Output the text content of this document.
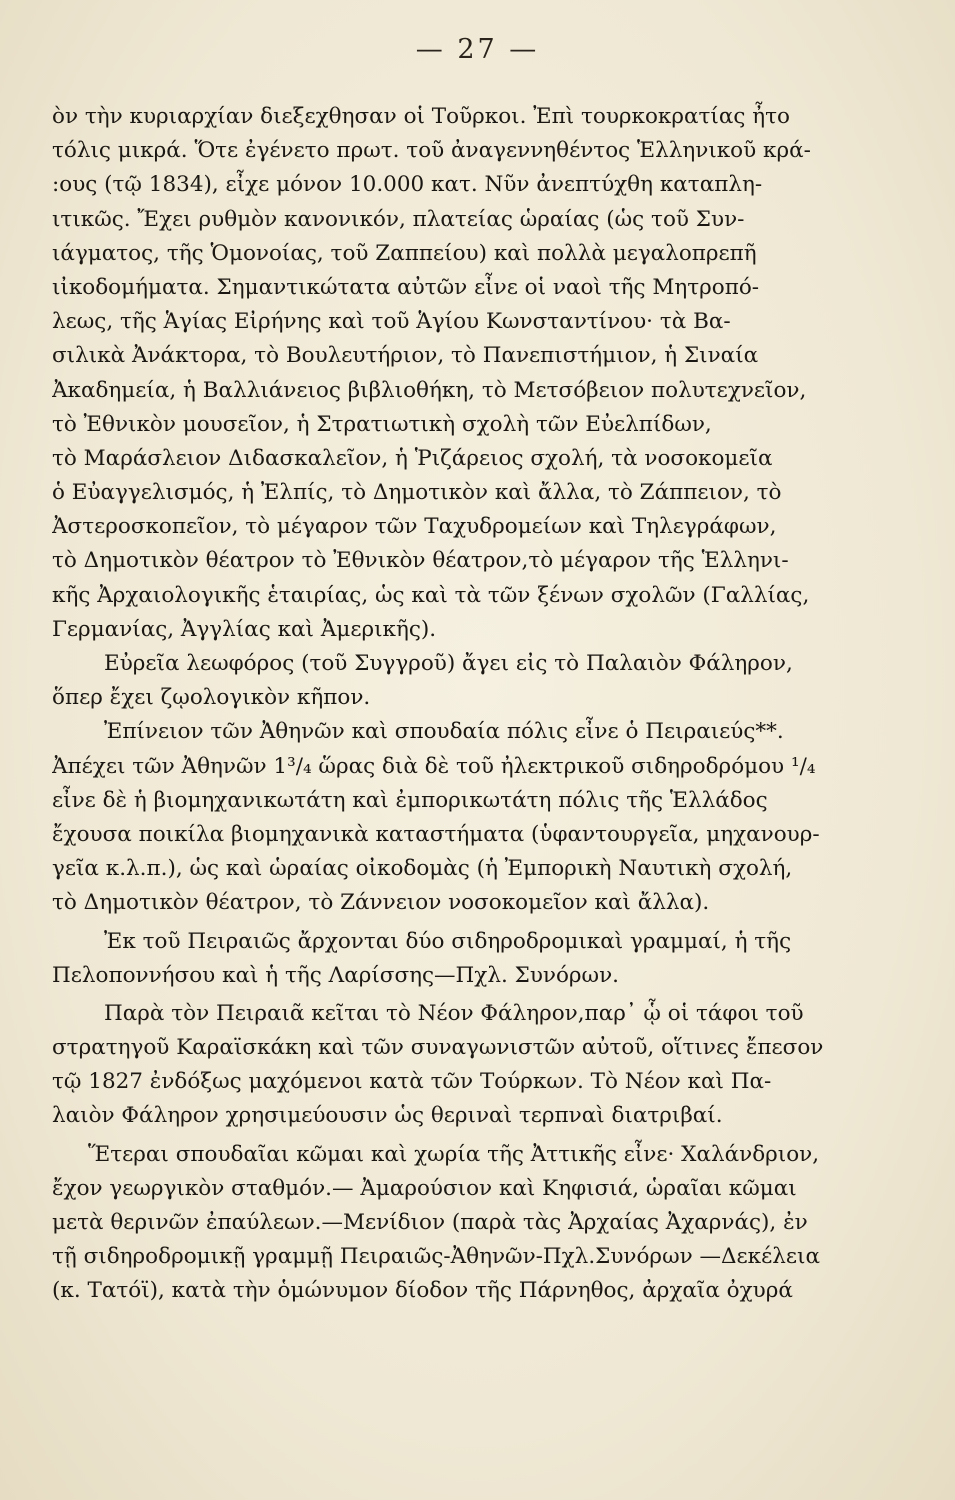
— 27 —
ὸν τὴν κυριαρχίαν διεξεχθησαν οἱ Τοῦρκοι. Ἐπὶ τουρκοκρατίας ἦτο
τόλις μικρά. Ὅτε ἐγένετο πρωτ. τοῦ ἀναγεννηθέντος Ἑλληνικοῦ κρά-
:ους (τῷ 1834), εἶχε μόνον 10.000 κατ. Νῦν ἀνεπτύχθη καταπλη-
ιτικῶς. Ἔχει ρυθμὸν κανονικόν, πλατείας ὡραίας (ὡς τοῦ Συν-
ιάγματος, τῆς Ὁμονοίας, τοῦ Ζαππείου) καὶ πολλὰ μεγαλοπρεπῆ
ιἰκοδομήματα. Σημαντικώτατα αὐτῶν εἶνε οἱ ναοὶ τῆς Μητροπό-
λεως, τῆς Ἁγίας Εἰρήνης καὶ τοῦ Ἁγίου Κωνσταντίνου· τὰ Βα-
σιλικὰ Ἀνάκτορα, τὸ Βουλευτήριον, τὸ Πανεπιστήμιον, ἡ Σιναία
Ἀκαδημεία, ἡ Βαλλιάνειος βιβλιοθήκη, τὸ Μετσόβειον πολυτεχνεῖον,
τὸ Ἐθνικὸν μουσεῖον, ἡ Στρατιωτικὴ σχολὴ τῶν Εὐελπίδων,
τὸ Μαράσλειον Διδασκαλεῖον, ἡ Ῥιζάρειος σχολή, τὰ νοσοκομεῖα
ὁ Εὐαγγελισμός, ἡ Ἐλπίς, τὸ Δημοτικὸν καὶ ἄλλα, τὸ Ζάππειον, τὸ
Ἀστεροσκοπεῖον, τὸ μέγαρον τῶν Ταχυδρομείων καὶ Τηλεγράφων,
τὸ Δημοτικὸν θέατρον τὸ Ἐθνικὸν θέατρον,τὸ μέγαρον τῆς Ἑλληνι-
κῆς Ἀρχαιολογικῆς ἑταιρίας, ὡς καὶ τὰ τῶν ξένων σχολῶν (Γαλλίας,
Γερμανίας, Ἀγγλίας καὶ Ἀμερικῆς).
Εὐρεῖα λεωφόρος (τοῦ Συγγροῦ) ἄγει εἰς τὸ Παλαιὸν Φάληρον,
ὅπερ ἔχει ζῳολογικὸν κῆπον.
Ἐπίνειον τῶν Ἀθηνῶν καὶ σπουδαία πόλις εἶνε ὁ Πειραιεύς**.
Ἀπέχει τῶν Ἀθηνῶν 1³/₄ ὥρας διὰ δὲ τοῦ ἠλεκτρικοῦ σιδηροδρόμου ¹/₄
εἶνε δὲ ἡ βιομηχανικωτάτη καὶ ἐμπορικωτάτη πόλις τῆς Ἑλλάδος
ἔχουσα ποικίλα βιομηχανικὰ καταστήματα (ὑφαντουργεῖα, μηχανουρ-
γεῖα κ.λ.π.), ὡς καὶ ὡραίας οἰκοδομὰς (ἡ Ἐμπορικὴ Ναυτικὴ σχολή,
τὸ Δημοτικὸν θέατρον, τὸ Ζάννειον νοσοκομεῖον καὶ ἄλλα).
Ἐκ τοῦ Πειραιῶς ἄρχονται δύο σιδηροδρομικαὶ γραμμαί, ἡ τῆς
Πελοποννήσου καὶ ἡ τῆς Λαρίσσης—Πχλ. Συνόρων.
Παρὰ τὸν Πειραιᾶ κεῖται τὸ Νέον Φάληρον,παρ᾽ ᾧ οἱ τάφοι τοῦ
στρατηγοῦ Καραϊσκάκη καὶ τῶν συναγωνιστῶν αὐτοῦ, οἵτινες ἔπεσον
τῷ 1827 ἐνδόξως μαχόμενοι κατὰ τῶν Τούρκων. Τὸ Νέον καὶ Πα-
λαιὸν Φάληρον χρησιμεύουσιν ὡς θεριναὶ τερπναὶ διατριβαί.
Ἕτεραι σπουδαῖαι κῶμαι καὶ χωρία τῆς Ἀττικῆς εἶνε· Χαλάνδριον,
ἔχον γεωργικὸν σταθμόν.— Ἀμαρούσιον καὶ Κηφισιά, ὡραῖαι κῶμαι
μετὰ θερινῶν ἐπαύλεων.—Μενίδιον (παρὰ τὰς Ἀρχαίας Ἀχαρνάς), ἐν
τῇ σιδηροδρομικῇ γραμμῇ Πειραιῶς-Ἀθηνῶν-Πχλ.Συνόρων —Δεκέλεια
(κ. Τατόϊ), κατὰ τὴν ὁμώνυμον δίοδον τῆς Πάρνηθος, ἀρχαῖα ὀχυρά
